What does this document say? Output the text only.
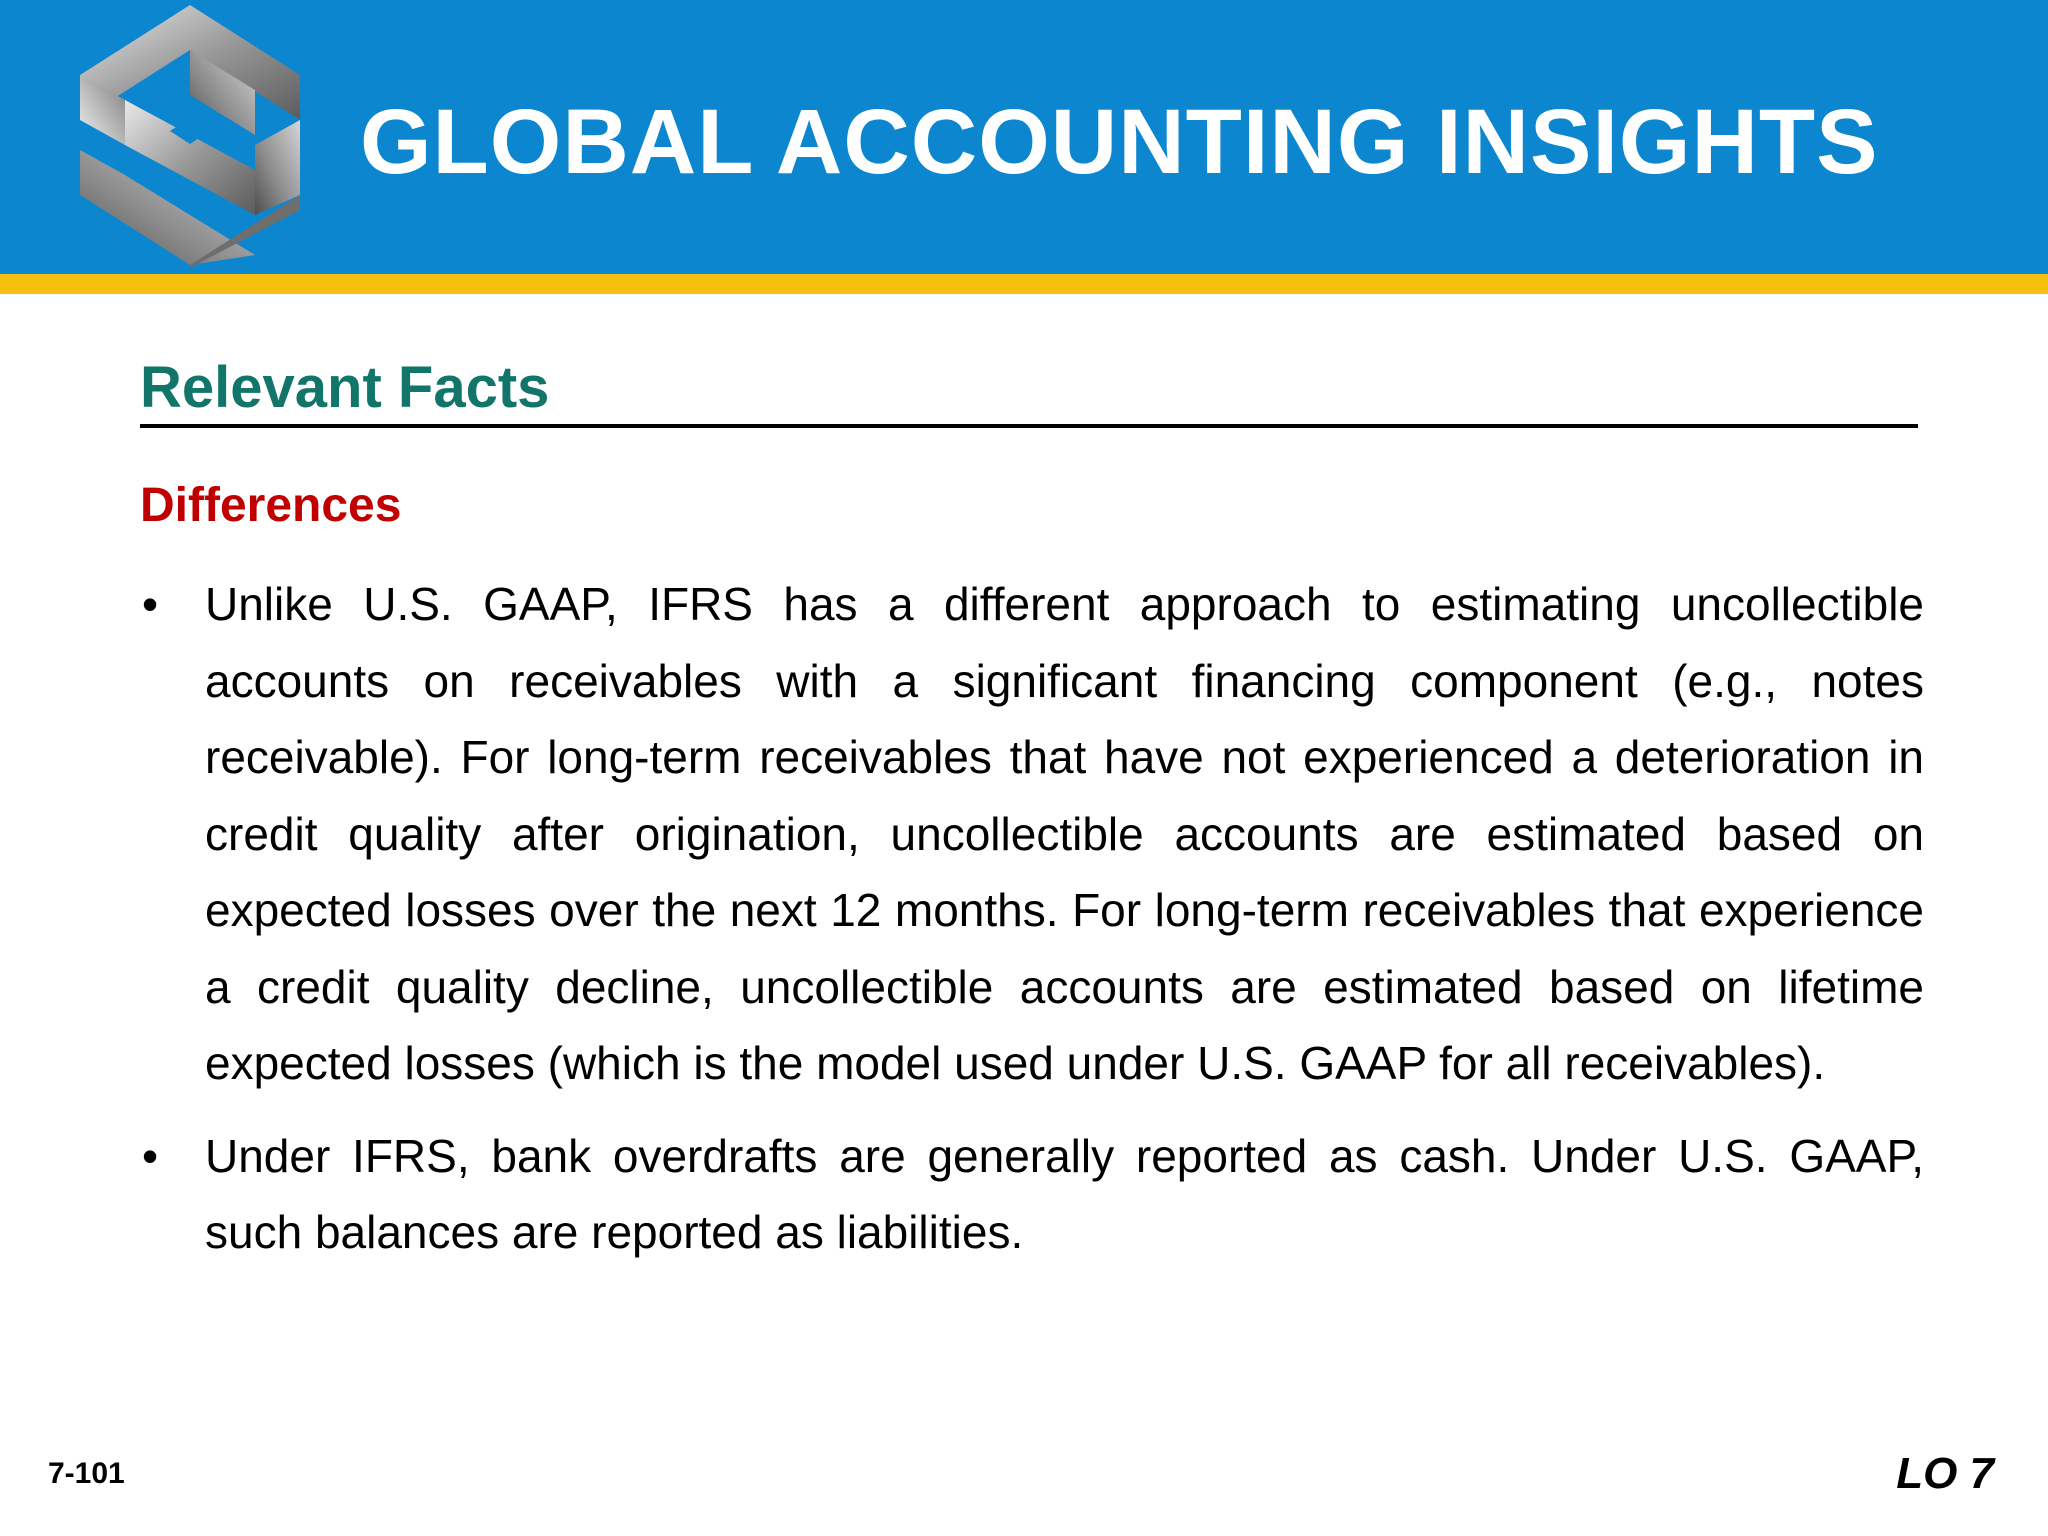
GLOBAL ACCOUNTING INSIGHTS
Relevant Facts
Differences
• Unlike U.S. GAAP, IFRS has a different approach to estimating uncollectible accounts on receivables with a significant financing component (e.g., notes receivable). For long-term receivables that have not experienced a deterioration in credit quality after origination, uncollectible accounts are estimated based on expected losses over the next 12 months. For long-term receivables that experience a credit quality decline, uncollectible accounts are estimated based on lifetime expected losses (which is the model used under U.S. GAAP for all receivables).
• Under IFRS, bank overdrafts are generally reported as cash. Under U.S. GAAP, such balances are reported as liabilities.
7-101	LO 7
